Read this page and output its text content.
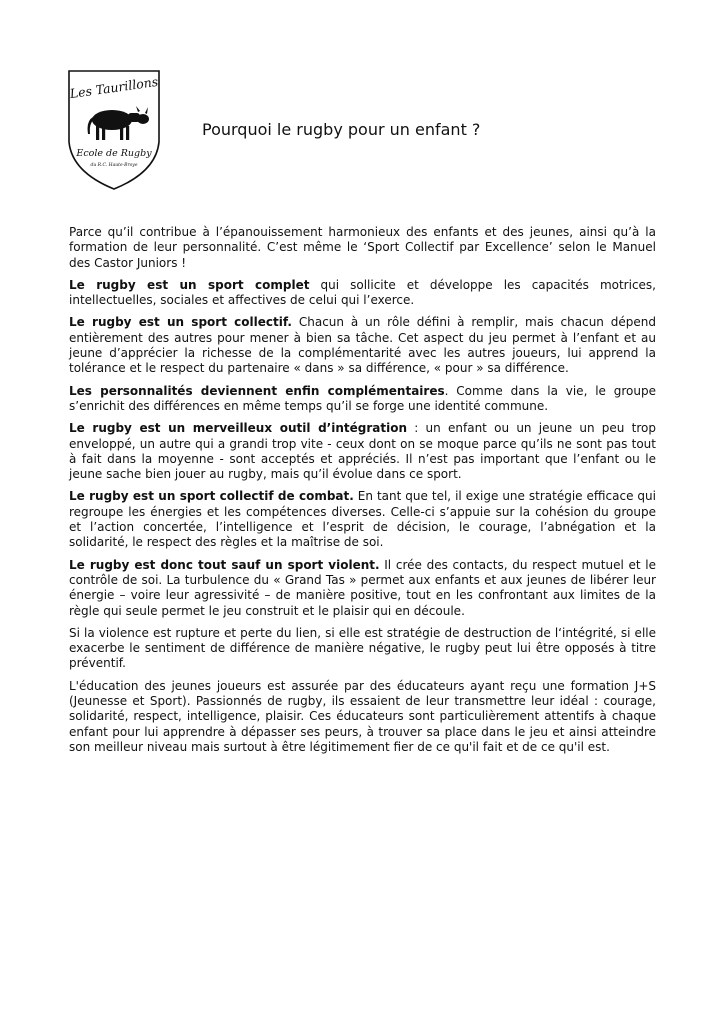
Les Taurillons
Ecole de Rugby
du R.C. Haute-Broye
Pourquoi le rugby pour un enfant ?

Parce qu’il contribue à l’épanouissement harmonieux des enfants et des jeunes, ainsi qu’à la formation de leur personnalité. C’est même le ‘Sport Collectif par Excellence’ selon le Manuel des Castor Juniors !

Le rugby est un sport complet qui sollicite et développe les capacités motrices, intellectuelles, sociales et affectives de celui qui l’exerce.

Le rugby est un sport collectif. Chacun à un rôle défini à remplir, mais chacun dépend entièrement des autres pour mener à bien sa tâche. Cet aspect du jeu permet à l’enfant et au jeune d’apprécier la richesse de la complémentarité avec les autres joueurs, lui apprend la tolérance et le respect du partenaire « dans » sa différence, « pour » sa différence.

Les personnalités deviennent enfin complémentaires. Comme dans la vie, le groupe s’enrichit des différences en même temps qu’il se forge une identité commune.

Le rugby est un merveilleux outil d’intégration : un enfant ou un jeune un peu trop enveloppé, un autre qui a grandi trop vite - ceux dont on se moque parce qu’ils ne sont pas tout à fait dans la moyenne - sont acceptés et appréciés. Il n’est pas important que l’enfant ou le jeune sache bien jouer au rugby, mais qu’il évolue dans ce sport.

Le rugby est un sport collectif de combat. En tant que tel, il exige une stratégie efficace qui regroupe les énergies et les compétences diverses. Celle-ci s’appuie sur la cohésion du groupe et l’action concertée, l’intelligence et l’esprit de décision, le courage, l’abnégation et la solidarité, le respect des règles et la maîtrise de soi.

Le rugby est donc tout sauf un sport violent. Il crée des contacts, du respect mutuel et le contrôle de soi. La turbulence du « Grand Tas » permet aux enfants et aux jeunes de libérer leur énergie – voire leur agressivité – de manière positive, tout en les confrontant aux limites de la règle qui seule permet le jeu construit et le plaisir qui en découle.

Si la violence est rupture et perte du lien, si elle est stratégie de destruction de l‘intégrité, si elle exacerbe le sentiment de différence de manière négative, le rugby peut lui être opposés à titre préventif.

L'éducation des jeunes joueurs est assurée par des éducateurs ayant reçu une formation J+S (Jeunesse et Sport). Passionnés de rugby, ils essaient de leur transmettre leur idéal : courage, solidarité, respect, intelligence, plaisir. Ces éducateurs sont particulièrement attentifs à chaque enfant pour lui apprendre à dépasser ses peurs, à trouver sa place dans le jeu et ainsi atteindre son meilleur niveau mais surtout à être légitimement fier de ce qu'il fait et de ce qu'il est.
